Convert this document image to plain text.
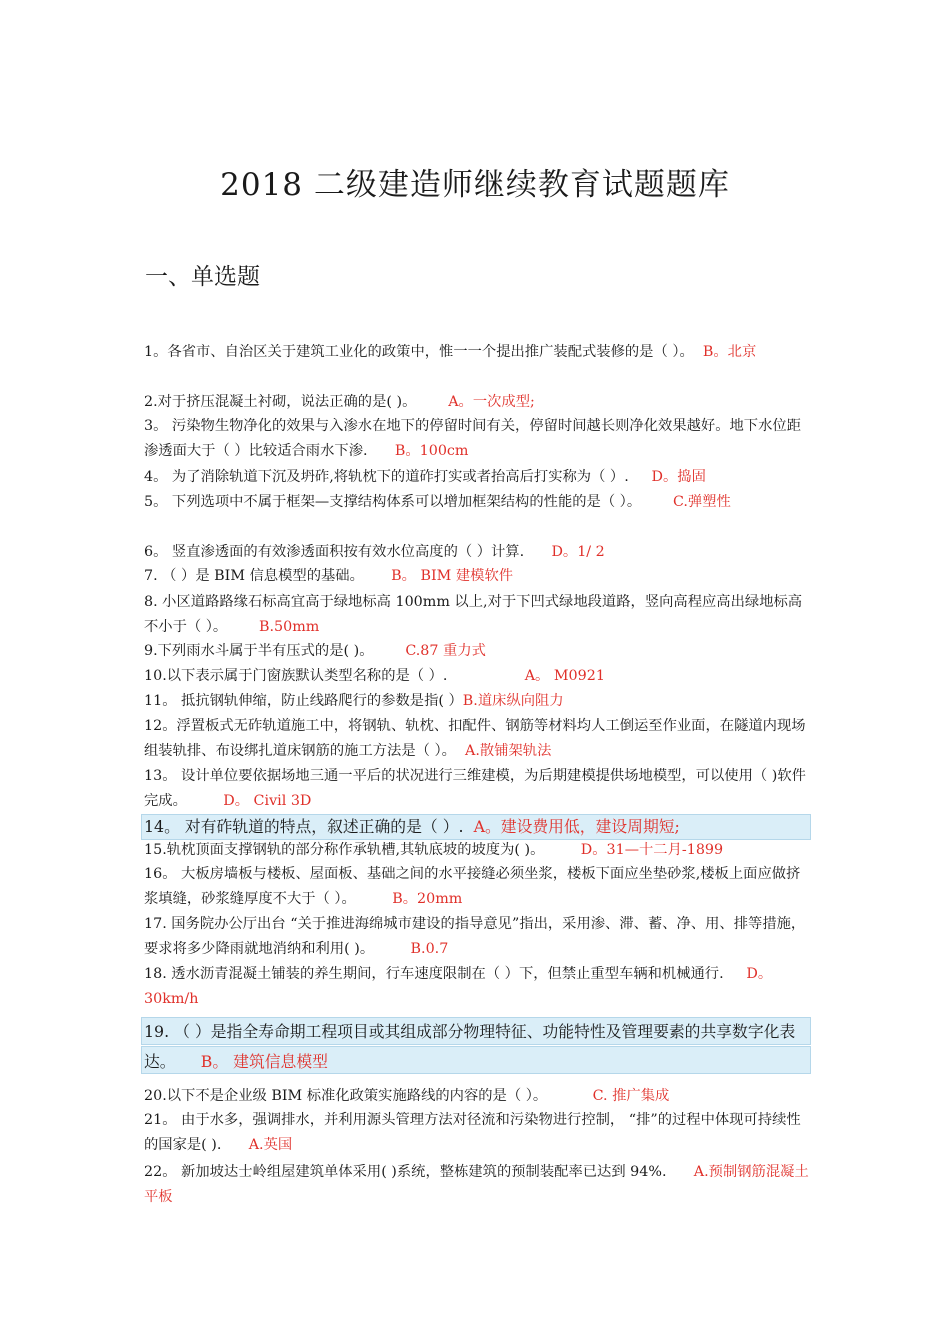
2018 二级建造师继续教育试题题库
一、单选题
1。各省市、自治区关于建筑工业化的政策中，惟一一个提出推广装配式装修的是（ ）。 B。北京
2.对于挤压混凝土衬砌，说法正确的是( )。 A。一次成型;
3。 污染物生物净化的效果与入渗水在地下的停留时间有关，停留时间越长则净化效果越好。地下水位距渗透面大于（ ）比较适合雨水下渗. B。100cm
4。 为了消除轨道下沉及坍砟,将轨枕下的道砟打实或者抬高后打实称为（ ）. D。捣固
5。 下列选项中不属于框架—支撑结构体系可以增加框架结构的性能的是（ ）。 C.弹塑性
6。 竖直渗透面的有效渗透面积按有效水位高度的（ ）计算. D。1/ 2
7. （ ）是 BIM 信息模型的基础。 B。 BIM 建模软件
8. 小区道路路缘石标高宜高于绿地标高 100mm 以上,对于下凹式绿地段道路，竖向高程应高出绿地标高不小于（ ）。 B.50mm
9.下列雨水斗属于半有压式的是( )。 C.87 重力式
10.以下表示属于门窗族默认类型名称的是（ ）.	A。 M0921
11。 抵抗钢轨伸缩，防止线路爬行的参数是指( ）B.道床纵向阻力
12。浮置板式无砟轨道施工中，将钢轨、轨枕、扣配件、钢筋等材料均人工倒运至作业面，在隧道内现场组装轨排、布设绑扎道床钢筋的施工方法是（ ）。 A.散铺架轨法
13。 设计单位要依据场地三通一平后的状况进行三维建模，为后期建模提供场地模型，可以使用（ )软件完成。	D。 Civil 3D
14。 对有砟轨道的特点，叙述正确的是（ ）. A。建设费用低，建设周期短;
15.轨枕顶面支撑钢轨的部分称作承轨槽,其轨底坡的坡度为( )。	D。31—十二月-1899
16。 大板房墙板与楼板、屋面板、基础之间的水平接缝必须坐浆，楼板下面应坐垫砂浆,楼板上面应做挤浆填缝，砂浆缝厚度不大于（ ）。	B。20mm
17. 国务院办公厅出台 “关于推进海绵城市建设的指导意见”指出，采用渗、滞、蓄、净、用、排等措施，要求将多少降雨就地消纳和利用( )。	B.0.7
18. 透水沥青混凝土铺装的养生期间，行车速度限制在（ ）下，但禁止重型车辆和机械通行. D。30km/h
19. （ ）是指全寿命期工程项目或其组成部分物理特征、功能特性及管理要素的共享数字化表达。 B。 建筑信息模型
20.以下不是企业级 BIM 标准化政策实施路线的内容的是（ ）。	C. 推广集成
21。 由于水多，强调排水，并利用源头管理方法对径流和污染物进行控制， “排”的过程中体现可持续性的国家是( ). A.英国
22。 新加坡达士岭组屋建筑单体采用( )系统，整栋建筑的预制装配率已达到 94%. A.预制钢筋混凝土平板
